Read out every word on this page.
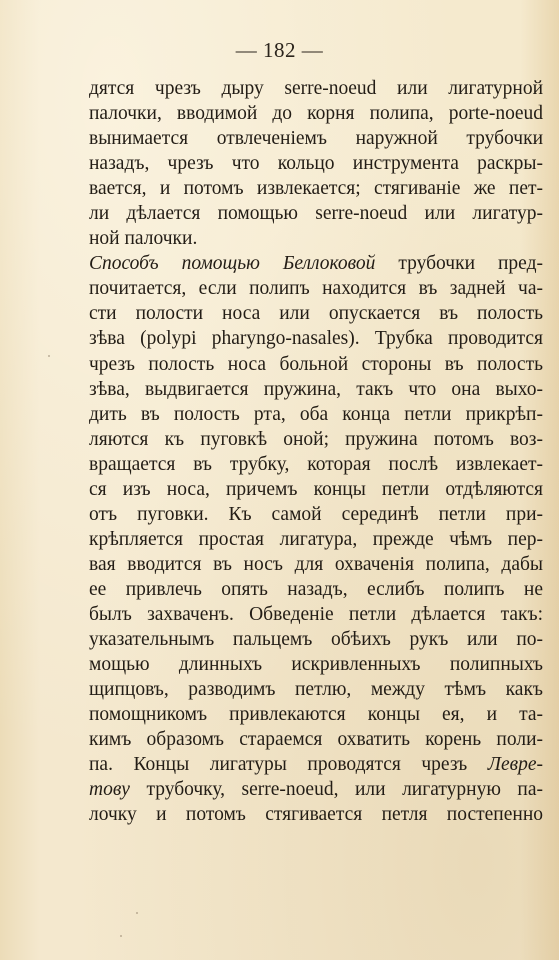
— 182 —
дятся чрезъ дыру serre-noeud или лигатурной
палочки, вводимой до корня полипа, porte-noeud
вынимается отвлеченіемъ наружной трубочки
назадъ, чрезъ что кольцо инструмента раскры-
вается, и потомъ извлекается; стягиваніе же пет-
ли дѣлается помощью serre-noeud или лигатур-
ной палочки.
Способъ помощью Белло‍ковой трубочки пред-
почитается, если полипъ находится въ задней ча-
сти полости носа или опускается въ полость
зѣва (polypi pharyngo-nasales). Трубка проводится
чрезъ полость носа больной стороны въ полость
зѣва, выдвигается пружина, такъ что она выхо-
дить въ полость рта, оба конца петли прикрѣп-
ляются къ пуговкѣ оной; пружина потомъ воз-
вращается въ трубку, которая послѣ извлекает-
ся изъ носа, причемъ концы петли отдѣляются
отъ пуговки. Къ самой серединѣ петли при-
крѣпляется простая лигатура, прежде чѣмъ пер-
вая вводится въ носъ для охваченія полипа, дабы
ее привлечь опять назадъ, еслибъ полипъ не
былъ захваченъ. Обведеніе петли дѣлается такъ:
указательнымъ пальцемъ обѣихъ рукъ или по-
мощью длинныхъ искривленныхъ полипныхъ
щипцовъ, разводимъ петлю, между тѣмъ какъ
помощникомъ привлекаются концы ея, и та-
кимъ образомъ стараемся охватить корень поли-
па. Концы лигатуры проводятся чрезъ Левре-
тову трубочку, serre-noeud, или лигатурную па-
лочку и потомъ стягивается петля постепенно
